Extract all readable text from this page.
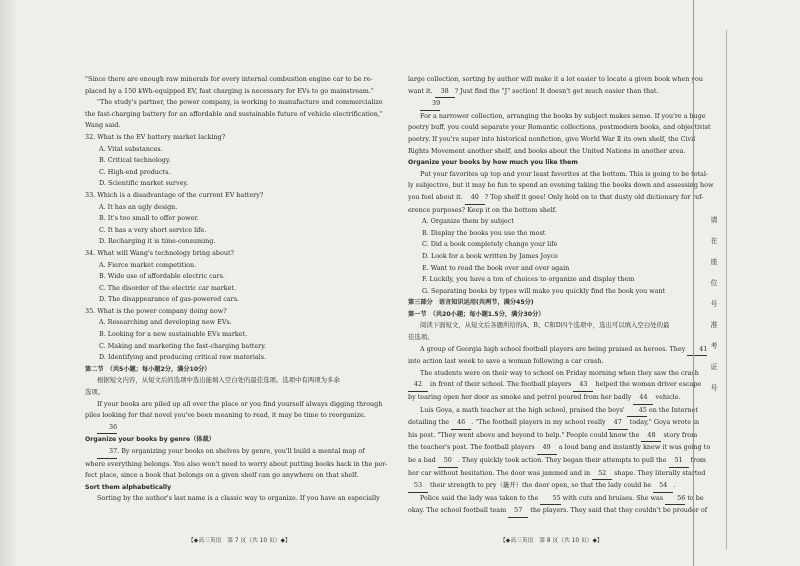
"Since there are enough raw minerals for every internal combustion engine car to be re-

placed by a 150 kWh-equipped EV, fast charging is necessary for EVs to go mainstream."

"The study's partner, the power company, is working to manufacture and commercialize

the fast-charging battery for an affordable and sustainable future of vehicle electrification,"

Wang said.

32. What is the EV battery market lacking?

A. Vital substances.

B. Critical technology.

C. High-end products.

D. Scientific market survey.

33. Which is a disadvantage of the current EV battery?

A. It has an ugly design.

B. It's too small to offer power.

C. It has a very short service life.

D. Recharging it is time-consuming.

34. What will Wang's technology bring about?

A. Fierce market competition.

B. Wide use of affordable electric cars.

C. The disorder of the electric car market.

D. The disappearance of gas-powered cars.

35. What is the power company doing now?

A. Researching and developing new EVs.

B. Looking for a new sustainable EVs market.

C. Making and marketing the fast-charging battery.

D. Identifying and producing critical raw materials.

第二节　（共5小题；每小题2分，满分10分）

根据短文内容，从短文后的选项中选出能填入空白处的最佳选项。选项中有两项为多余

选项。

If your books are piled up all over the place or you find yourself always digging through

piles looking for that novel you've been meaning to read, it may be time to reorganize.

36

Organize your books by genre（体裁）

37. By organizing your books on shelves by genre, you'll build a mental map of

where everything belongs. You also won't need to worry about putting books back in the per-

fect place, since a book that belongs on a given shelf can go anywhere on that shelf.

Sort them alphabetically

Sorting by the author's last name is a classic way to organize. If you have an especially

large collection, sorting by author will make it a lot easier to locate a given book when you

want it. 38 ? Just find the "J" section! It doesn't get much easier than that.

39

For a narrower collection, arranging the books by subject makes sense. If you're a huge

poetry buff, you could separate your Romantic collections, postmodern books, and objectivist

poetry. If you're super into historical nonfiction, give World War Ⅱ its own shelf, the Civil

Rights Movement another shelf, and books about the United Nations in another area.

Organize your books by how much you like them

Put your favorites up top and your least favorites at the bottom. This is going to be total-

ly subjective, but it may be fun to spend an evening taking the books down and assessing how

you feel about it. 40 ? Top shelf it goes! Only hold on to that dusty old dictionary for ref-

erence purposes? Keep it on the bottom shelf.

A. Organize them by subject

B. Display the books you use the most

C. Did a book completely change your life

D. Look for a book written by James Joyce

E. Want to read the book over and over again

F. Luckily, you have a ton of choices to organize and display them

G. Separating books by types will make you quickly find the book you want

第三部分　语言知识运用(共两节，满分45分)

第一节　（共20小题；每小题1.5分，满分30分）

阅读下面短文，从短文后各题所给的A、B、C和D四个选项中，选出可以填入空白处的最

佳选项。

A group of Georgia high school football players are being praised as heroes. They 41

into action last week to save a woman following a car crash.

The students were on their way to school on Friday morning when they saw the crash

42 in front of their school. The football players 43 helped the woman driver escape

by tearing open her door as smoke and petrol poured from her badly 44 vehicle.

Luis Goya, a math teacher at the high school, praised the boys' 45 on the Internet

detailing the 46 . "The football players in my school really 47 today," Goya wrote in

his post. "They went above and beyond to help." People could know the 48 story from

the teacher's post. The football players 49 a loud bang and instantly knew it was going to

be a bad 50 . They quickly took action. They began their attempts to pull the 51 from

her car without hesitation. The door was jammed and in 52 shape. They literally started

53 their strength to pry（撬开）the door open, so that the lady could be 54 .

Police said the lady was taken to the 55 with cuts and bruises. She was 56 to be

okay. The school football team 57 the players. They said that they couldn't be prouder of

【◆高三英语　第 7 页（共 10 页）◆】	【◆高三英语　第 8 页（共 10 页）◆】
请
在
座
位
号
准
考
证
号
